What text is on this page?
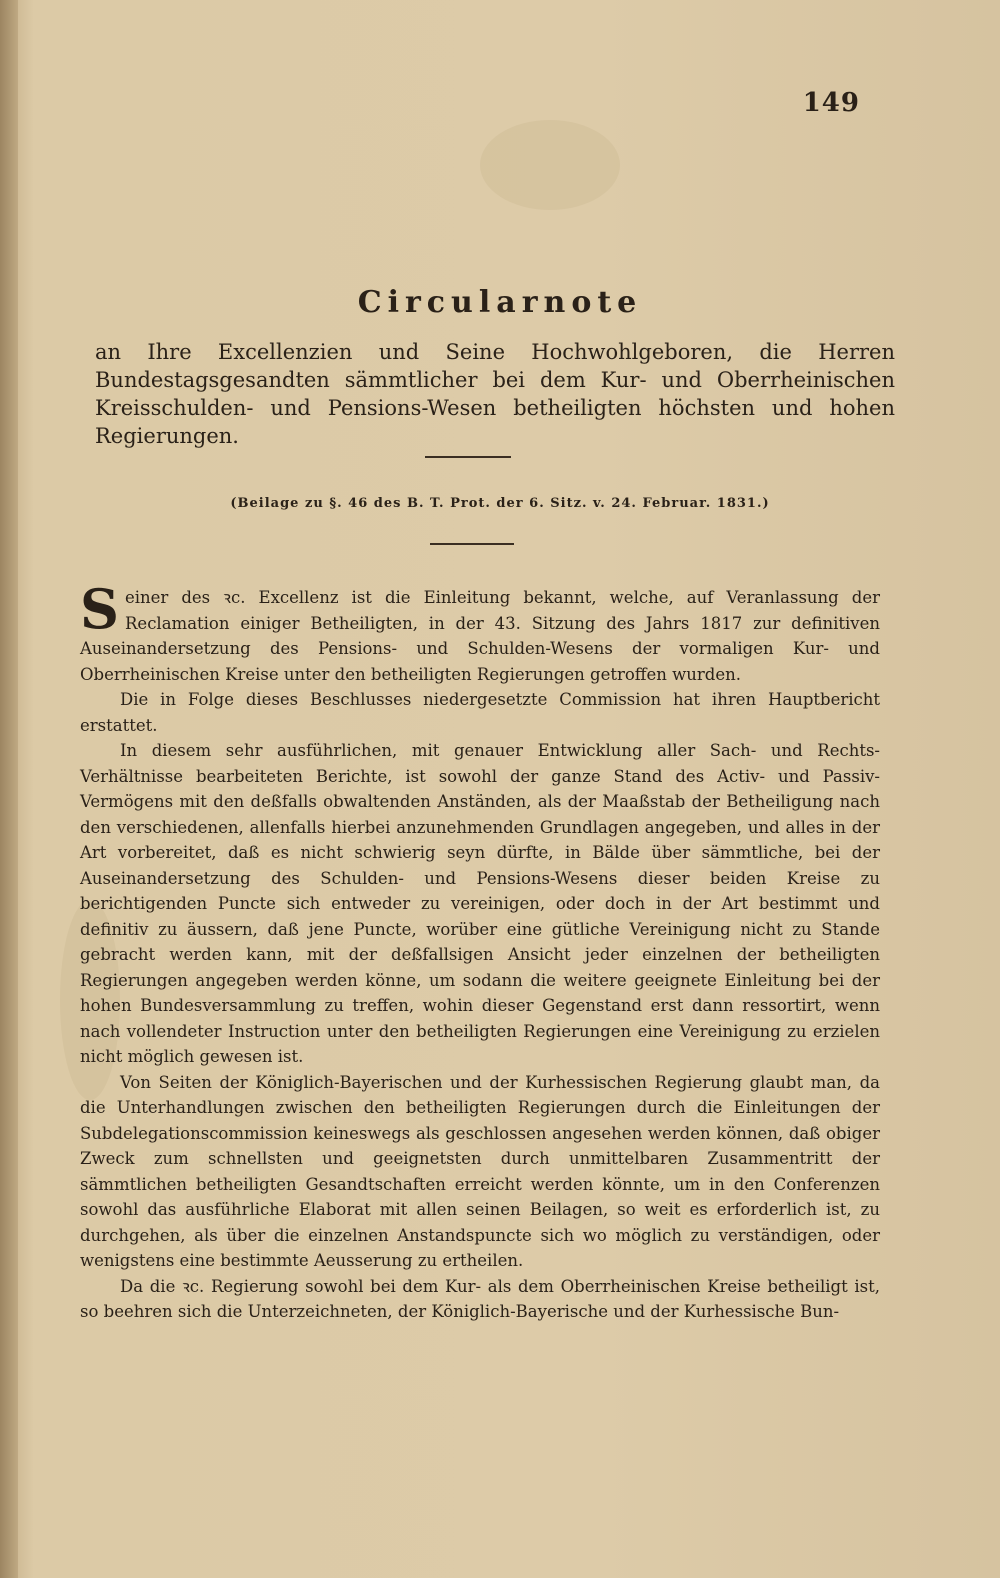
149
Circularnote
an Ihre Excellenzien und Seine Hochwohlgeboren, die Herren Bundestagsgesandten sämmtlicher bei dem Kur- und Oberrheinischen Kreisschulden- und Pensions-Wesen betheiligten höchsten und hohen Regierungen.
(Beilage zu §. 46 des B. T. Prot. der 6. Sitz. v. 24. Februar. 1831.)

Seiner des ꝛc. Excellenz ist die Einleitung bekannt, welche, auf Veranlassung der Reclamation einiger Betheiligten, in der 43. Sitzung des Jahrs 1817 zur definitiven Auseinandersetzung des Pensions- und Schulden-Wesens der vormaligen Kur- und Oberrheinischen Kreise unter den betheiligten Regierungen getroffen wurden.

Die in Folge dieses Beschlusses niedergesetzte Commission hat ihren Hauptbericht erstattet.

In diesem sehr ausführlichen, mit genauer Entwicklung aller Sach- und Rechts-Verhältnisse bearbeiteten Berichte, ist sowohl der ganze Stand des Activ- und Passiv-Vermögens mit den deßfalls obwaltenden Anständen, als der Maaßstab der Betheiligung nach den verschiedenen, allenfalls hierbei anzunehmenden Grundlagen angegeben, und alles in der Art vorbereitet, daß es nicht schwierig seyn dürfte, in Bälde über sämmtliche, bei der Auseinandersetzung des Schulden- und Pensions-Wesens dieser beiden Kreise zu berichtigenden Puncte sich entweder zu vereinigen, oder doch in der Art bestimmt und definitiv zu äussern, daß jene Puncte, worüber eine gütliche Vereinigung nicht zu Stande gebracht werden kann, mit der deßfallsigen Ansicht jeder einzelnen der betheiligten Regierungen angegeben werden könne, um sodann die weitere geeignete Einleitung bei der hohen Bundesversammlung zu treffen, wohin dieser Gegenstand erst dann ressortirt, wenn nach vollendeter Instruction unter den betheiligten Regierungen eine Vereinigung zu erzielen nicht möglich gewesen ist.

Von Seiten der Königlich-Bayerischen und der Kurhessischen Regierung glaubt man, da die Unterhandlungen zwischen den betheiligten Regierungen durch die Einleitungen der Subdelegationscommission keineswegs als geschlossen angesehen werden können, daß obiger Zweck zum schnellsten und geeignetsten durch unmittelbaren Zusammentritt der sämmtlichen betheiligten Gesandtschaften erreicht werden könnte, um in den Conferenzen sowohl das ausführliche Elaborat mit allen seinen Beilagen, so weit es erforderlich ist, zu durchgehen, als über die einzelnen Anstandspuncte sich wo möglich zu verständigen, oder wenigstens eine bestimmte Aeusserung zu ertheilen.

Da die ꝛc. Regierung sowohl bei dem Kur- als dem Oberrheinischen Kreise betheiligt ist, so beehren sich die Unterzeichneten, der Königlich-Bayerische und der Kurhessische Bun-
